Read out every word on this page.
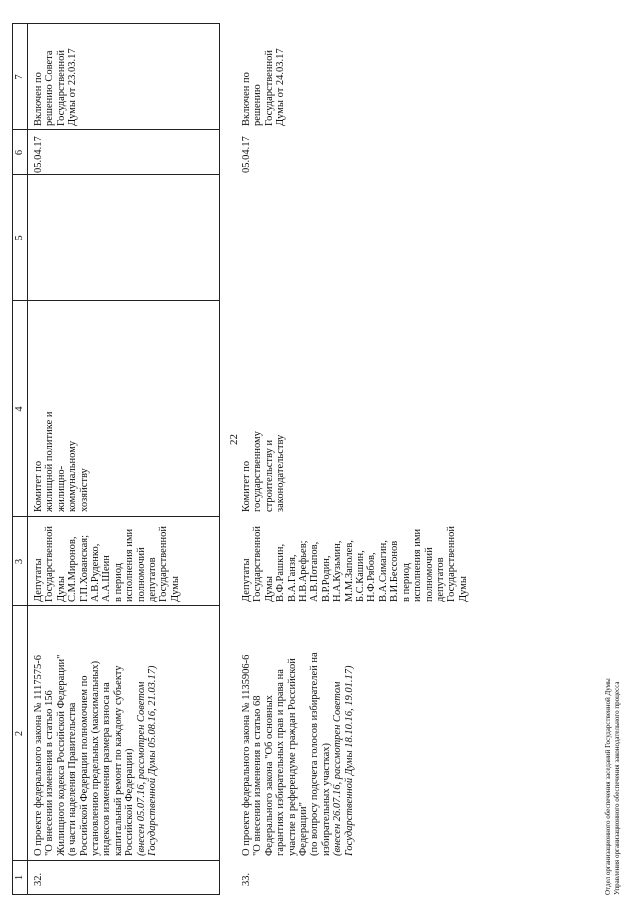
22
1
2
3
4
5
6
7
32.
О проекте федерального закона № 1117575-6 "О внесении изменения в статью 156 Жилищного кодекса Российской Федерации" (в части наделения Правительства Российской Федерации полномочием по установлению предельных (максимальных) индексов изменения размера взноса на капитальный ремонт по каждому субъекту Российской Федерации) (внесен 05.07.16, рассмотрен Советом Государственной Думы 05.08.16, 21.03.17)
Депутаты Государственной Думы С.М.Миронов, Г.П.Хованская; А.В.Руденко, А.А.Шеин в период исполнения ими полномочий депутатов Государственной Думы
Комитет по жилищной политике и жилищно- коммунальному хозяйству
05.04.17
Включен по решению Совета Государственной Думы от 23.03.17
33.
О проекте федерального закона № 1135906-6 "О внесении изменения в статью 68 Федерального закона "Об основных гарантиях избирательных прав и права на участие в референдуме граждан Российской Федерации" (по вопросу подсчета голосов избирателей на избирательных участках) (внесен 26.07.16, рассмотрен Советом Государственной Думы 18.10.16, 19.01.17)
Депутаты Государственной Думы В.Ф.Рашкин, В.А.Ганзя, Н.В.Арефьев; А.В.Потапов, В.Р.Родин, Н.А.Кузьмин, М.М.Заполев, Б.С.Кашин, Н.Ф.Рябов, В.А.Симагин, В.И.Бессонов в период исполнения ими полномочий депутатов Государственной Думы
Комитет по государственному строительству и законодательству
05.04.17
Включен по решению Государственной Думы от 24.03.17
Отдел организационного обеспечения заседаний Государственной Думы Управления организационного обеспечения законодательного процесса
